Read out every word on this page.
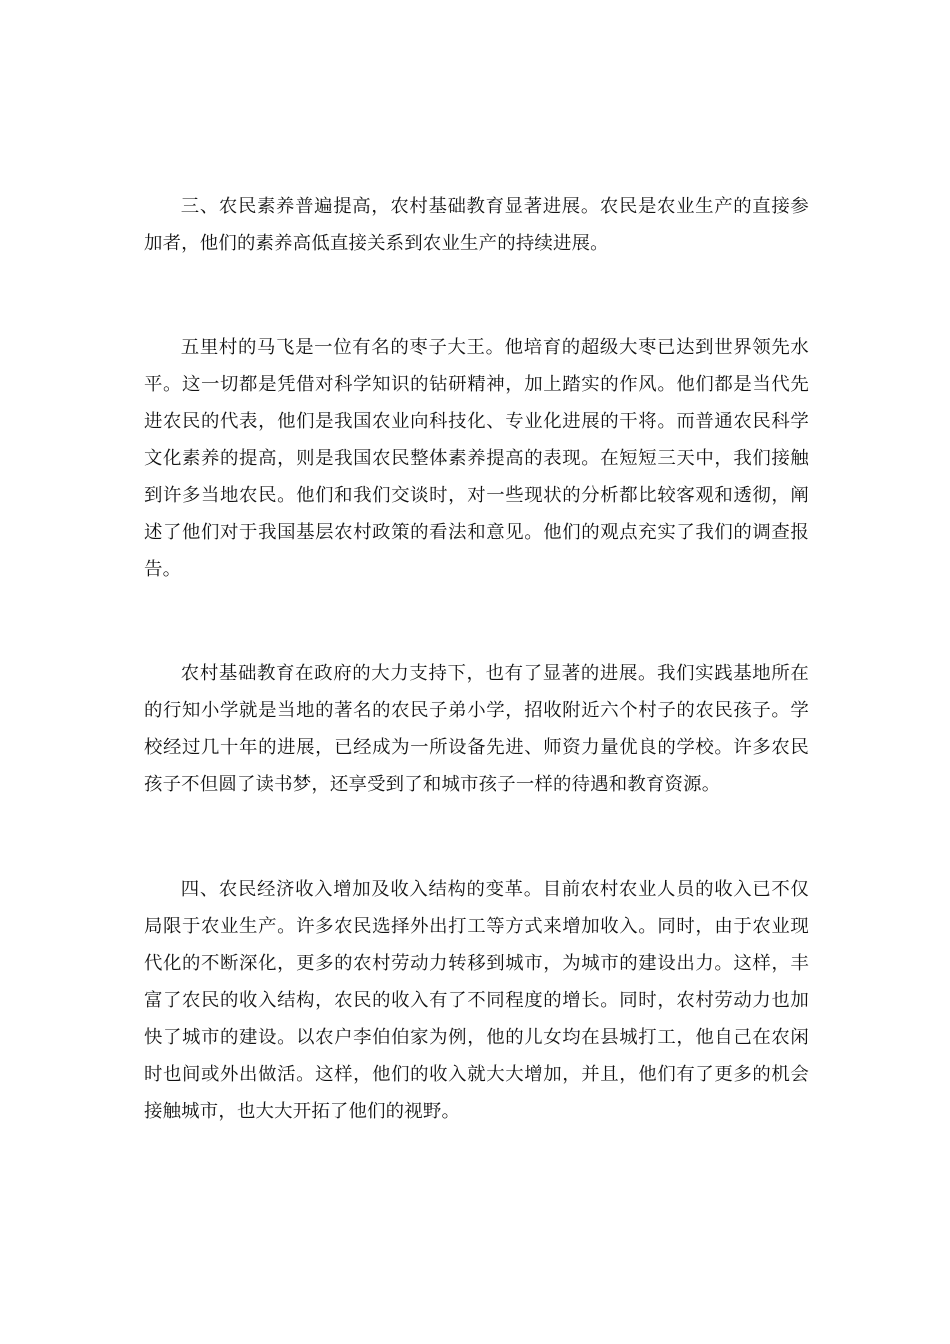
三、农民素养普遍提高，农村基础教育显著进展。农民是农业生产的直接参加者，他们的素养高低直接关系到农业生产的持续进展。

五里村的马飞是一位有名的枣子大王。他培育的超级大枣已达到世界领先水平。这一切都是凭借对科学知识的钻研精神，加上踏实的作风。他们都是当代先进农民的代表，他们是我国农业向科技化、专业化进展的干将。而普通农民科学文化素养的提高，则是我国农民整体素养提高的表现。在短短三天中，我们接触到许多当地农民。他们和我们交谈时，对一些现状的分析都比较客观和透彻，阐述了他们对于我国基层农村政策的看法和意见。他们的观点充实了我们的调查报告。

农村基础教育在政府的大力支持下，也有了显著的进展。我们实践基地所在的行知小学就是当地的著名的农民子弟小学，招收附近六个村子的农民孩子。学校经过几十年的进展，已经成为一所设备先进、师资力量优良的学校。许多农民孩子不但圆了读书梦，还享受到了和城市孩子一样的待遇和教育资源。

四、农民经济收入增加及收入结构的变革。目前农村农业人员的收入已不仅局限于农业生产。许多农民选择外出打工等方式来增加收入。同时，由于农业现代化的不断深化，更多的农村劳动力转移到城市，为城市的建设出力。这样，丰富了农民的收入结构，农民的收入有了不同程度的增长。同时，农村劳动力也加快了城市的建设。以农户李伯伯家为例，他的儿女均在县城打工，他自己在农闲时也间或外出做活。这样，他们的收入就大大增加，并且，他们有了更多的机会接触城市，也大大开拓了他们的视野。
